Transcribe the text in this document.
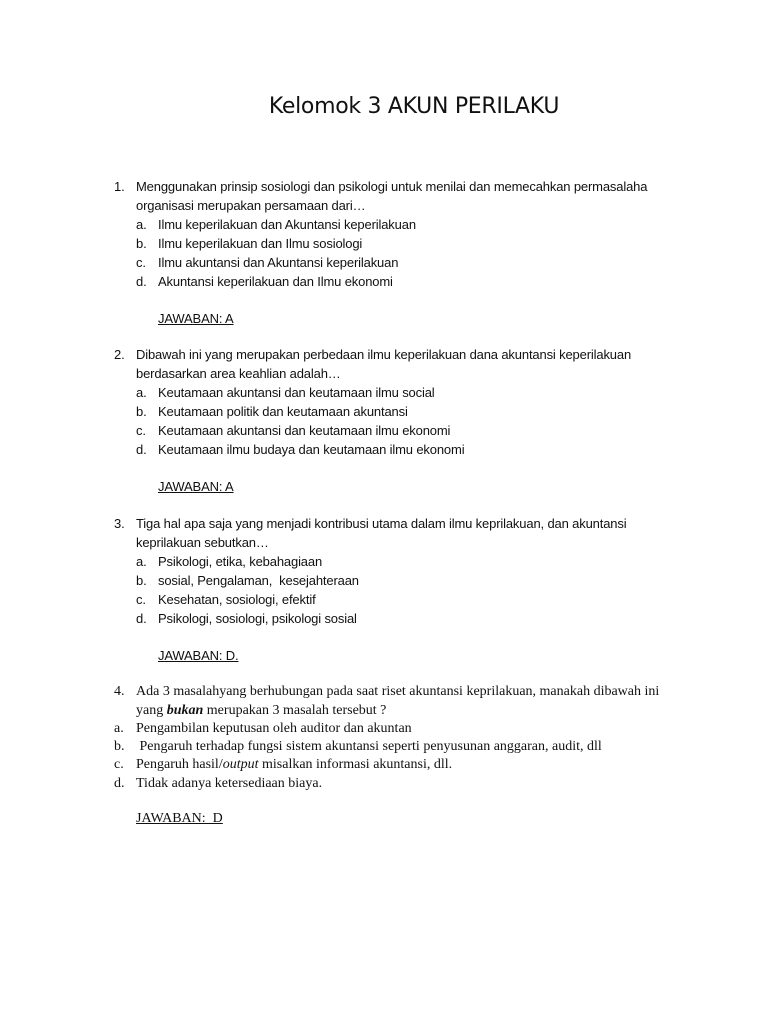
Kelomok 3 AKUN PERILAKU
1. Menggunakan prinsip sosiologi dan psikologi untuk menilai dan memecahkan permasalaha
organisasi merupakan persamaan dari…
a. Ilmu keperilakuan dan Akuntansi keperilakuan
b. Ilmu keperilakuan dan Ilmu sosiologi
c. Ilmu akuntansi dan Akuntansi keperilakuan
d. Akuntansi keperilakuan dan Ilmu ekonomi
JAWABAN: A
2. Dibawah ini yang merupakan perbedaan ilmu keperilakuan dana akuntansi keperilakuan
berdasarkan area keahlian adalah…
a. Keutamaan akuntansi dan keutamaan ilmu social
b. Keutamaan politik dan keutamaan akuntansi
c. Keutamaan akuntansi dan keutamaan ilmu ekonomi
d. Keutamaan ilmu budaya dan keutamaan ilmu ekonomi
JAWABAN: A
3. Tiga hal apa saja yang menjadi kontribusi utama dalam ilmu keprilakuan, dan akuntansi
keprilakuan sebutkan…
a. Psikologi, etika, kebahagiaan
b. sosial, Pengalaman,  kesejahteraan
c. Kesehatan, sosiologi, efektif
d. Psikologi, sosiologi, psikologi sosial
JAWABAN: D.
4. Ada 3 masalahyang berhubungan pada saat riset akuntansi keprilakuan, manakah dibawah ini
yang bukan merupakan 3 masalah tersebut ?
a. Pengambilan keputusan oleh auditor dan akuntan
b. Pengaruh terhadap fungsi sistem akuntansi seperti penyusunan anggaran, audit, dll
c. Pengaruh hasil/output misalkan informasi akuntansi, dll.
d. Tidak adanya ketersediaan biaya.
JAWABAN:  D
